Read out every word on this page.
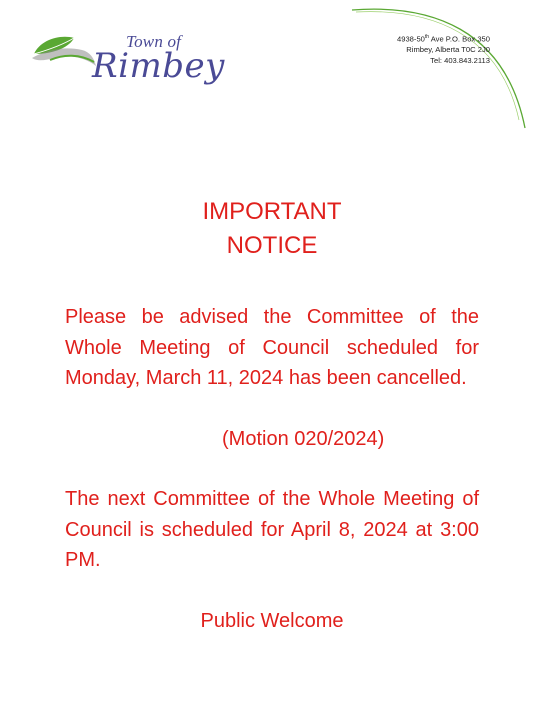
Town of
Rimbey
4938-50th Ave P.O. Box 350
Rimbey, Alberta T0C 2J0
Tel: 403.843.2113
IMPORTANT
NOTICE
Please be advised the Committee of the Whole Meeting of Council scheduled for Monday, March 11, 2024 has been cancelled.
(Motion 020/2024)
The next Committee of the Whole Meeting of Council is scheduled for April 8, 2024 at 3:00 PM.
Public Welcome
